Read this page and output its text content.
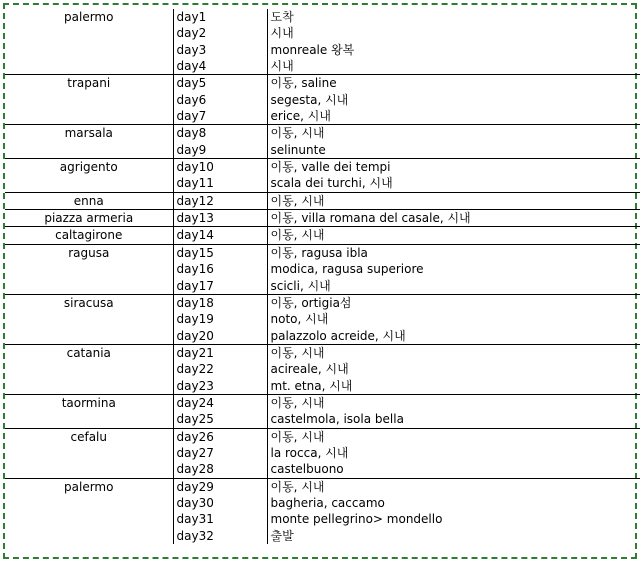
palermo	day1	도착
	day2	시내
	day3	monreale 왕복
	day4	시내
trapani	day5	이동, saline
	day6	segesta, 시내
	day7	erice, 시내
marsala	day8	이동, 시내
	day9	selinunte
agrigento	day10	이동, valle dei tempi
	day11	scala dei turchi, 시내
enna	day12	이동, 시내
piazza armeria	day13	이동, villa romana del casale, 시내
caltagirone	day14	이동, 시내
ragusa	day15	이동, ragusa ibla
	day16	modica, ragusa superiore
	day17	scicli, 시내
siracusa	day18	이동, ortigia섬
	day19	noto, 시내
	day20	palazzolo acreide, 시내
catania	day21	이동, 시내
	day22	acireale, 시내
	day23	mt. etna, 시내
taormina	day24	이동, 시내
	day25	castelmola, isola bella
cefalu	day26	이동, 시내
	day27	la rocca, 시내
	day28	castelbuono
palermo	day29	이동, 시내
	day30	bagheria, caccamo
	day31	monte pellegrino> mondello
	day32	출발
